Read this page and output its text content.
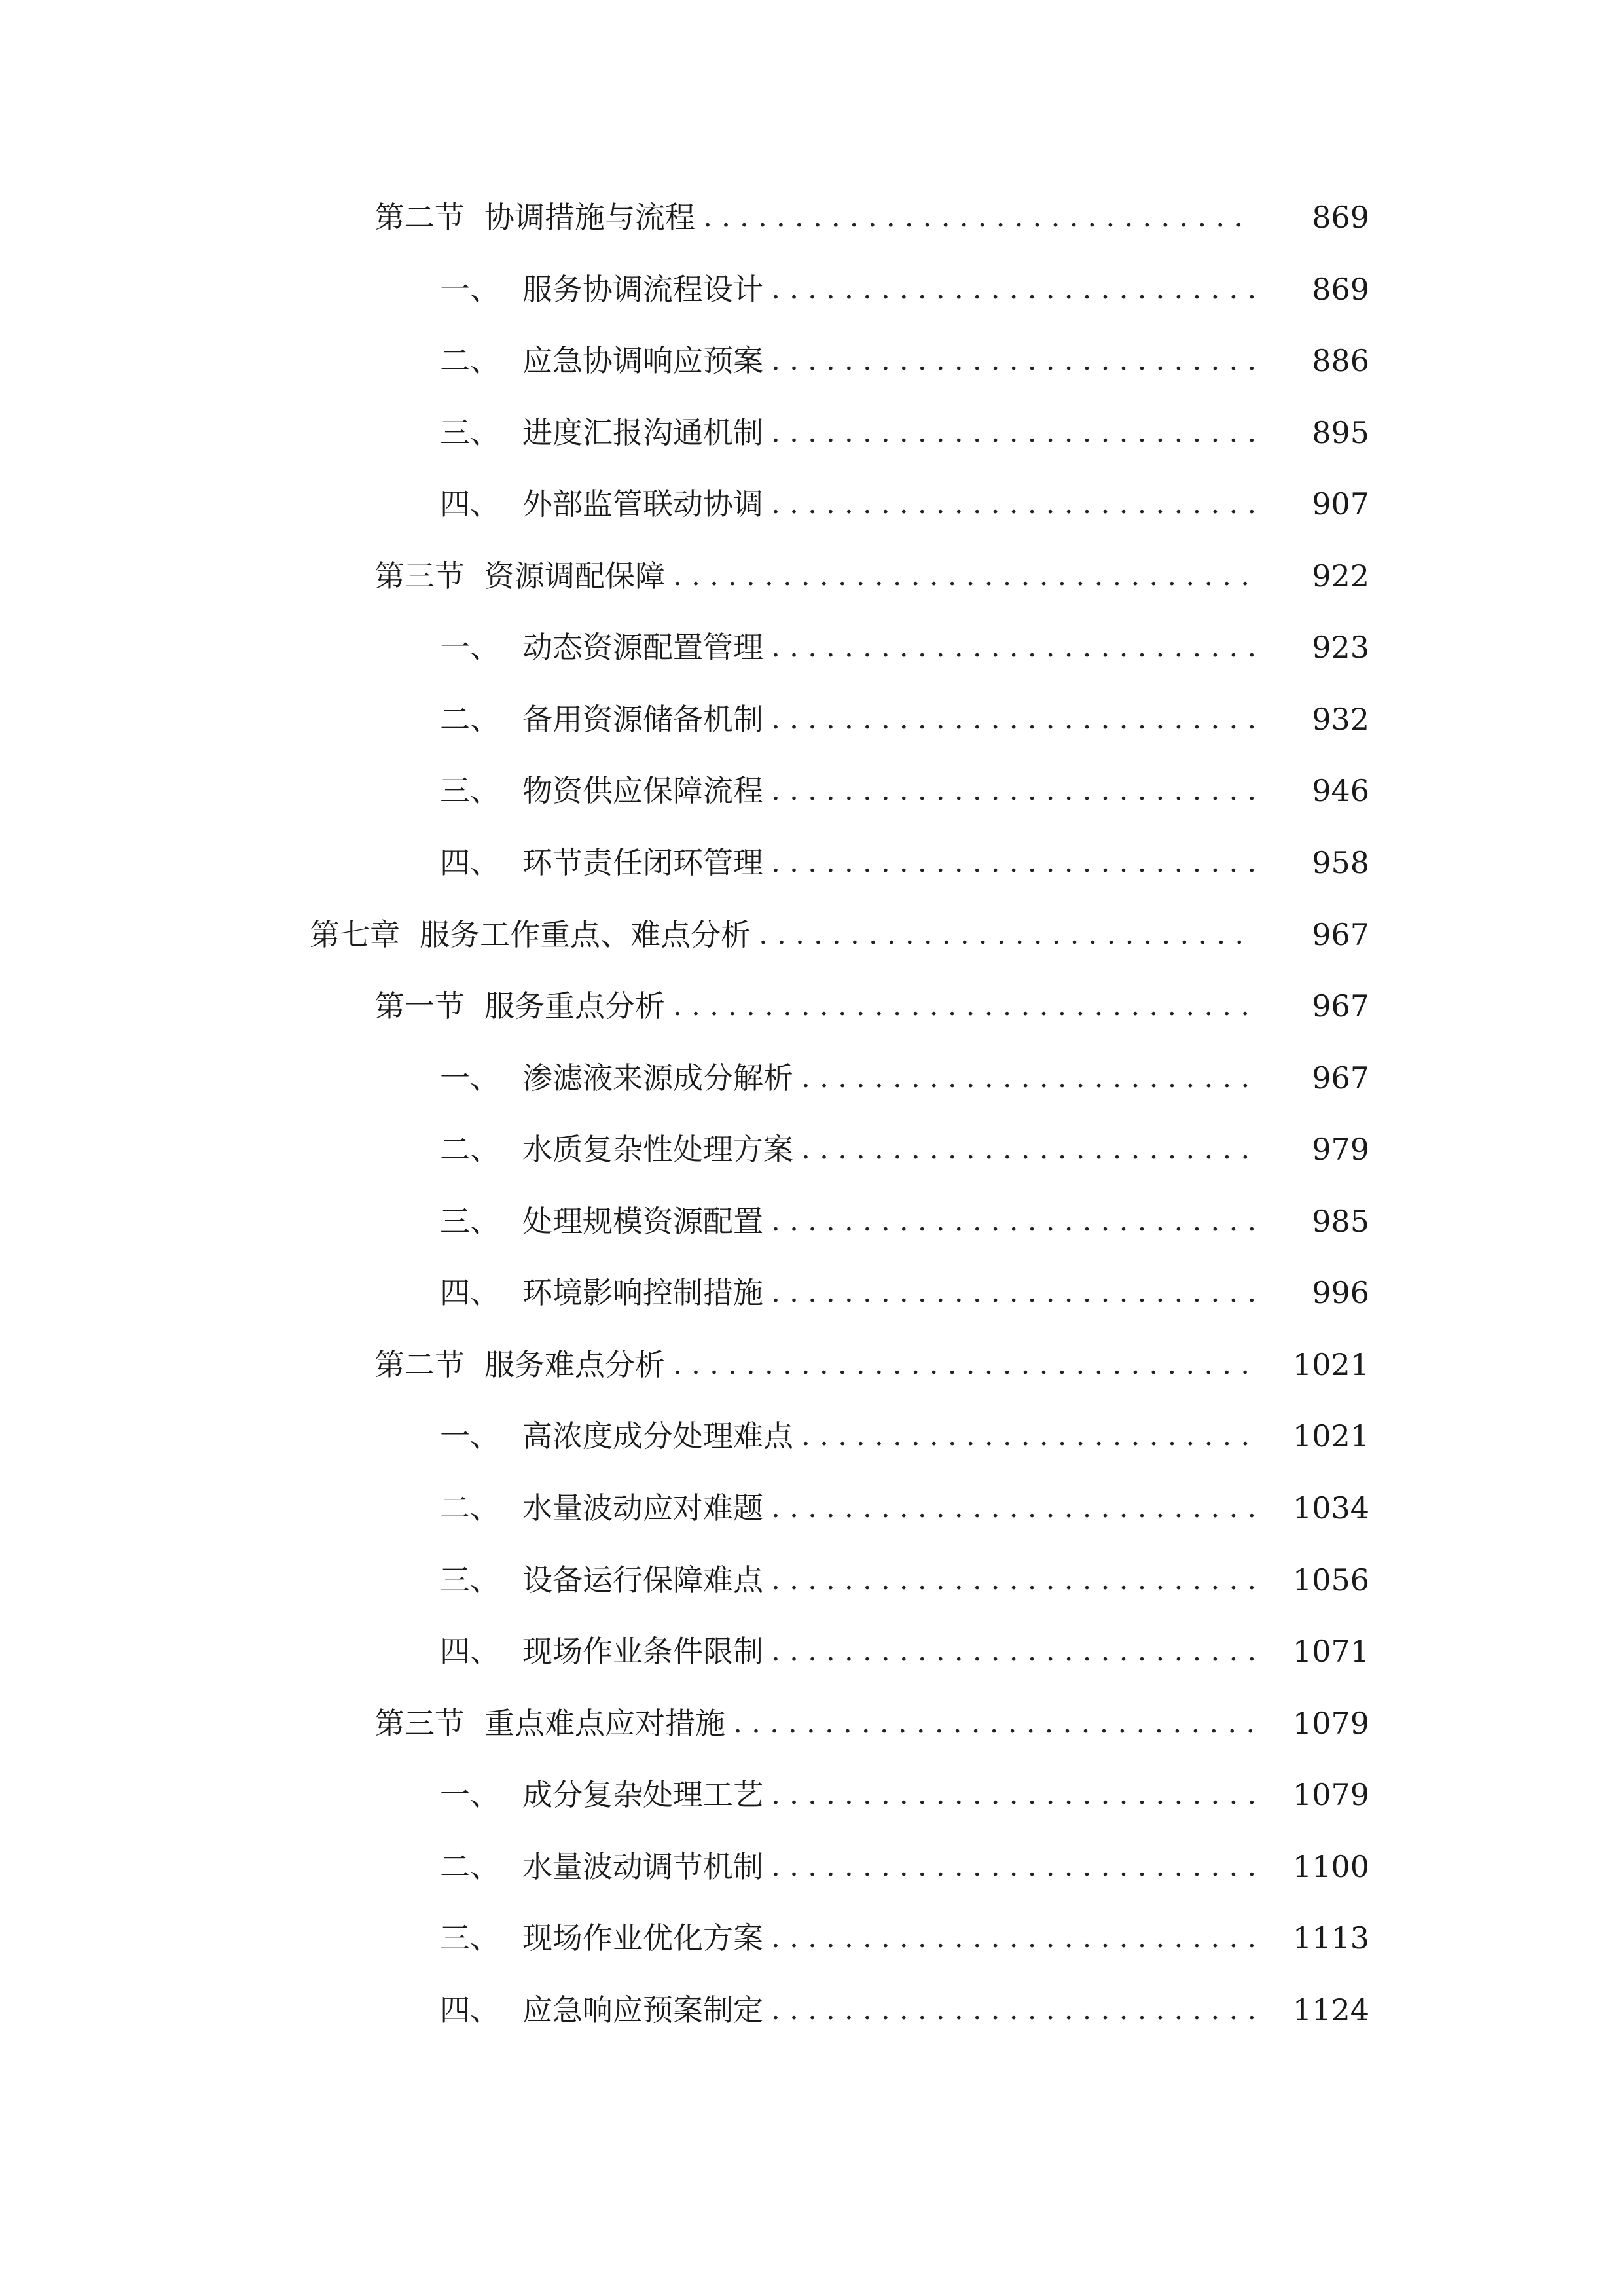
第二节 协调措施与流程 . . .	869
一、 服务协调流程设计 . . .	869
二、 应急协调响应预案 . . .	886
三、 进度汇报沟通机制 . . .	895
四、 外部监管联动协调 . . .	907
第三节 资源调配保障 . . .	922
一、 动态资源配置管理 . . .	923
二、 备用资源储备机制 . . .	932
三、 物资供应保障流程 . . .	946
四、 环节责任闭环管理 . . .	958
第七章 服务工作重点、难点分析 . . .	967
第一节 服务重点分析 . . .	967
一、 渗滤液来源成分解析 . . .	967
二、 水质复杂性处理方案 . . .	979
三、 处理规模资源配置 . . .	985
四、 环境影响控制措施 . . .	996
第二节 服务难点分析 . . .	1021
一、 高浓度成分处理难点 . . .	1021
二、 水量波动应对难题 . . .	1034
三、 设备运行保障难点 . . .	1056
四、 现场作业条件限制 . . .	1071
第三节 重点难点应对措施 . . .	1079
一、 成分复杂处理工艺 . . .	1079
二、 水量波动调节机制 . . .	1100
三、 现场作业优化方案 . . .	1113
四、 应急响应预案制定 . . .	1124
